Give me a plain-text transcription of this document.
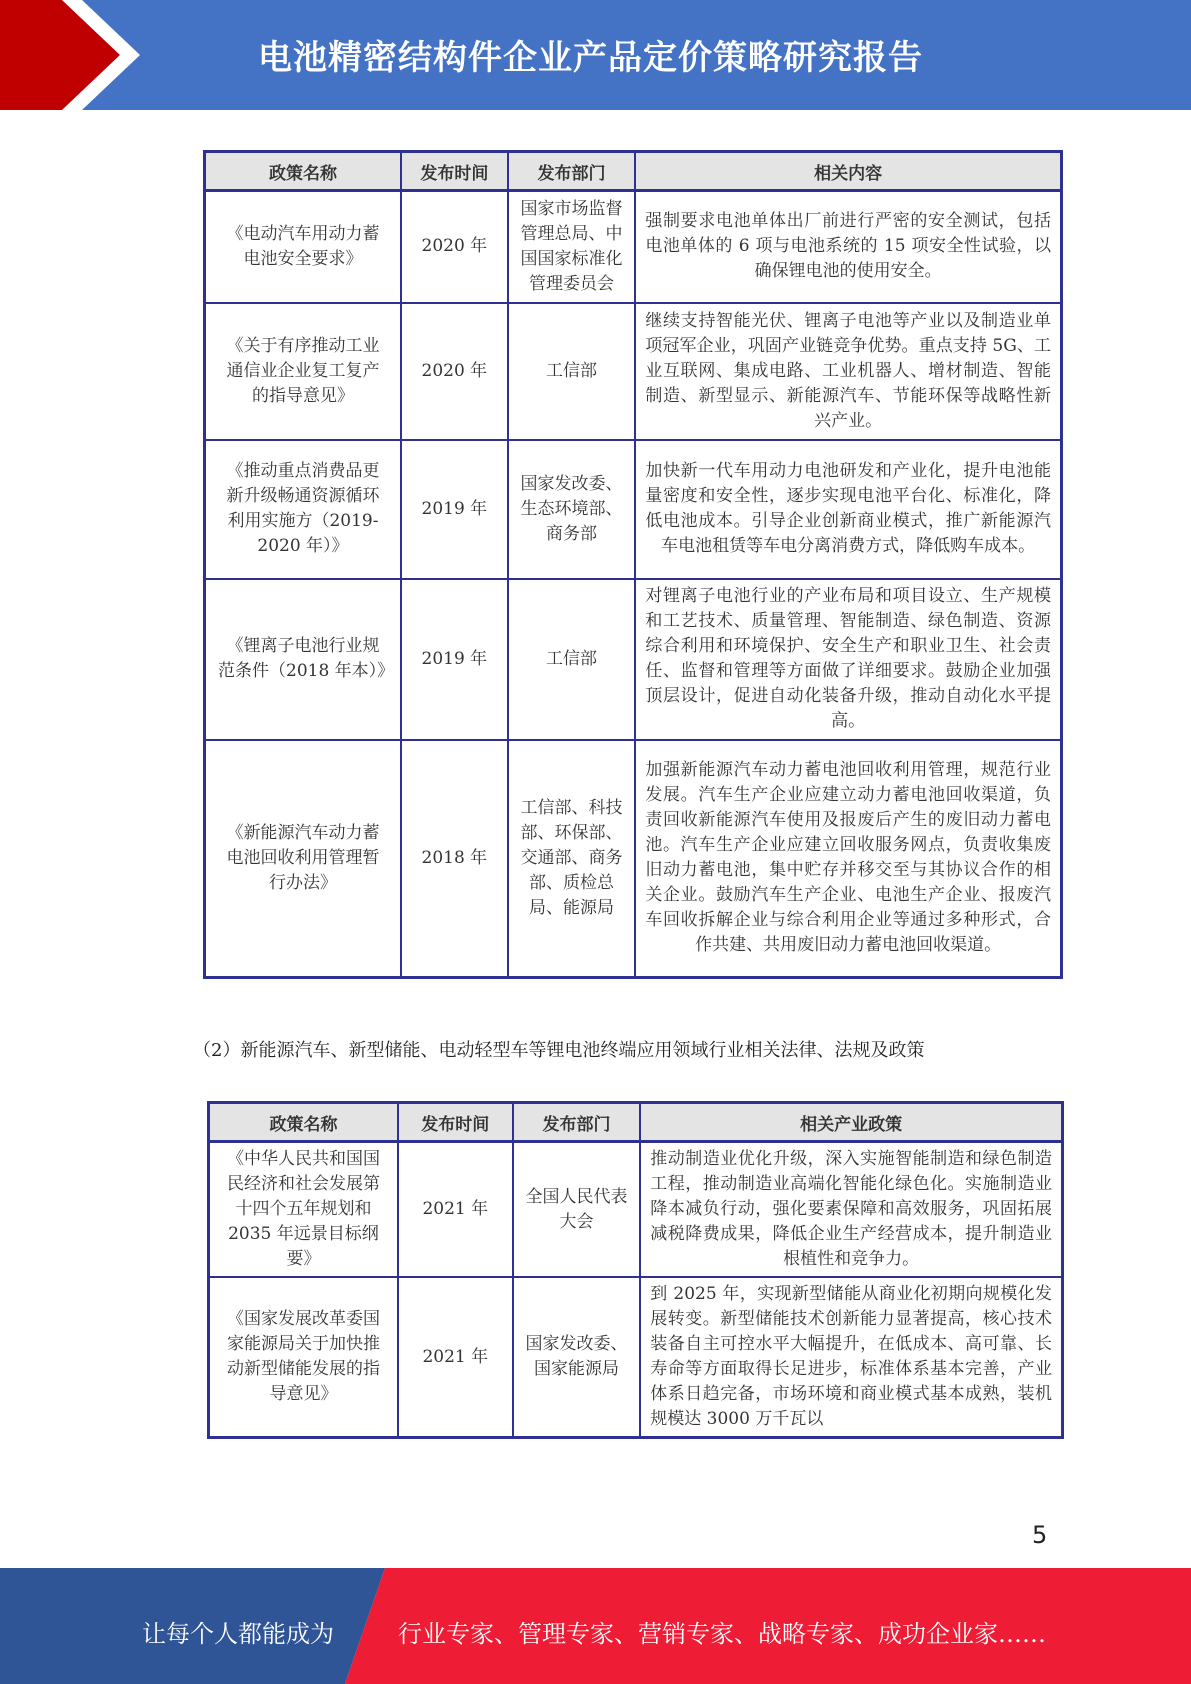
电池精密结构件企业产品定价策略研究报告
政策名称	发布时间	发布部门	相关内容
《电动汽车用动力蓄电池安全要求》	2020 年	国家市场监督管理总局、中国国家标准化管理委员会	强制要求电池单体出厂前进行严密的安全测试，包括电池单体的 6 项与电池系统的 15 项安全性试验，以确保锂电池的使用安全。
《关于有序推动工业通信业企业复工复产的指导意见》	2020 年	工信部	继续支持智能光伏、锂离子电池等产业以及制造业单项冠军企业，巩固产业链竞争优势。重点支持 5G、工业互联网、集成电路、工业机器人、增材制造、智能制造、新型显示、新能源汽车、节能环保等战略性新兴产业。
《推动重点消费品更新升级畅通资源循环利用实施方（2019-2020 年）》	2019 年	国家发改委、生态环境部、商务部	加快新一代车用动力电池研发和产业化，提升电池能量密度和安全性，逐步实现电池平台化、标准化，降低电池成本。引导企业创新商业模式，推广新能源汽车电池租赁等车电分离消费方式，降低购车成本。
《锂离子电池行业规范条件（2018 年本）》	2019 年	工信部	对锂离子电池行业的产业布局和项目设立、生产规模和工艺技术、质量管理、智能制造、绿色制造、资源综合利用和环境保护、安全生产和职业卫生、社会责任、监督和管理等方面做了详细要求。鼓励企业加强顶层设计，促进自动化装备升级，推动自动化水平提高。
《新能源汽车动力蓄电池回收利用管理暂行办法》	2018 年	工信部、科技部、环保部、交通部、商务部、质检总局、能源局	加强新能源汽车动力蓄电池回收利用管理，规范行业发展。汽车生产企业应建立动力蓄电池回收渠道，负责回收新能源汽车使用及报废后产生的废旧动力蓄电池。汽车生产企业应建立回收服务网点，负责收集废旧动力蓄电池，集中贮存并移交至与其协议合作的相关企业。鼓励汽车生产企业、电池生产企业、报废汽车回收拆解企业与综合利用企业等通过多种形式，合作共建、共用废旧动力蓄电池回收渠道。
（2）新能源汽车、新型储能、电动轻型车等锂电池终端应用领域行业相关法律、法规及政策
政策名称	发布时间	发布部门	相关产业政策
《中华人民共和国国民经济和社会发展第十四个五年规划和 2035 年远景目标纲要》	2021 年	全国人民代表大会	推动制造业优化升级，深入实施智能制造和绿色制造工程，推动制造业高端化智能化绿色化。实施制造业降本减负行动，强化要素保障和高效服务，巩固拓展减税降费成果，降低企业生产经营成本，提升制造业根植性和竞争力。
《国家发展改革委国家能源局关于加快推动新型储能发展的指导意见》	2021 年	国家发改委、国家能源局	到 2025 年，实现新型储能从商业化初期向规模化发展转变。新型储能技术创新能力显著提高，核心技术装备自主可控水平大幅提升，在低成本、高可靠、长寿命等方面取得长足进步，标准体系基本完善，产业体系日趋完备，市场环境和商业模式基本成熟，装机规模达 3000 万千瓦以
5
让每个人都能成为	行业专家、管理专家、营销专家、战略专家、成功企业家……
